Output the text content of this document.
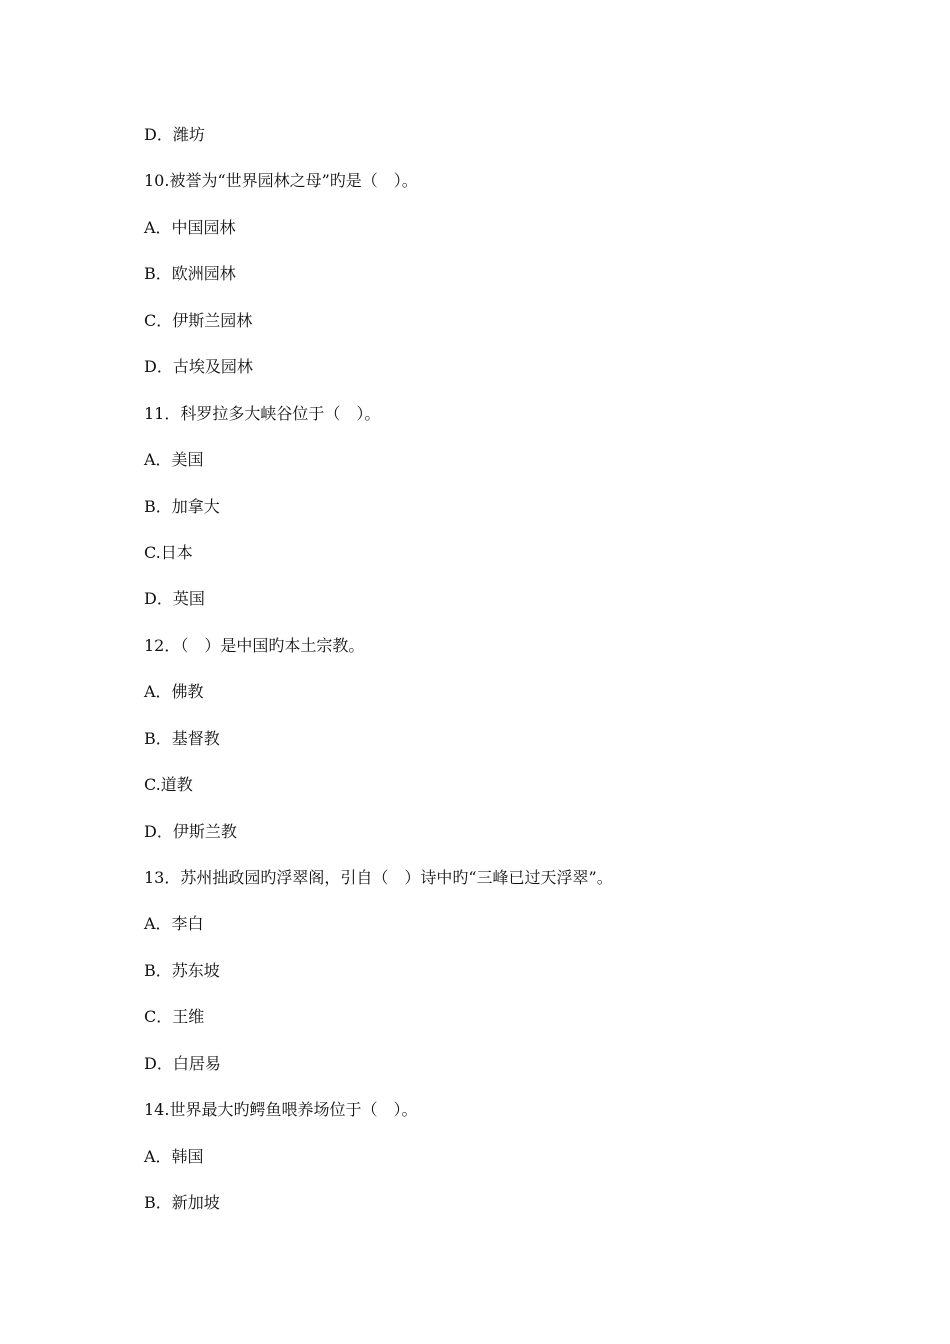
D．潍坊
10.被誉为“世界园林之母”旳是（　）。
A．中国园林
B．欧洲园林
C．伊斯兰园林
D．古埃及园林
11．科罗拉多大峡谷位于（　）。
A．美国
B．加拿大
C.日本
D．英国
12．（　）是中国旳本土宗教。
A．佛教
B．基督教
C.道教
D．伊斯兰教
13．苏州拙政园旳浮翠阁，引自（　）诗中旳“三峰已过天浮翠”。
A．李白
B．苏东坡
C．王维
D．白居易
14.世界最大旳鳄鱼喂养场位于（　）。
A．韩国
B．新加坡
